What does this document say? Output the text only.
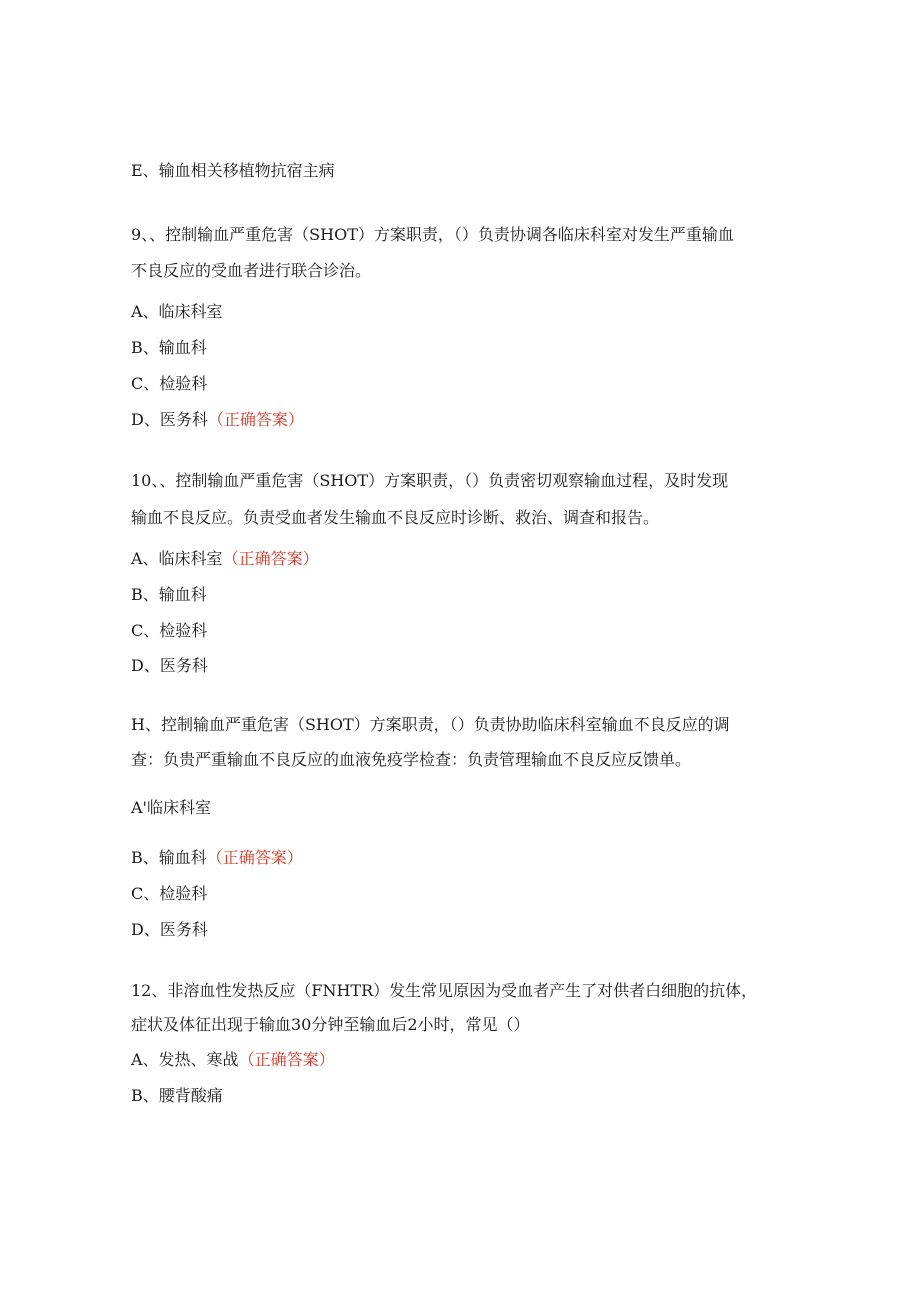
E、输血相关移植物抗宿主病
9、、控制输血严重危害（SHOT）方案职责，（）负责协调各临床科室对发生严重输血
不良反应的受血者进行联合诊治。
A、临床科室
B、输血科
C、检验科
D、医务科（正确答案）
10、、控制输血严重危害（SHOT）方案职责，（）负责密切观察输血过程，及时发现
输血不良反应。负责受血者发生输血不良反应时诊断、救治、调查和报告。
A、临床科室（正确答案）
B、输血科
C、检验科
D、医务科
H、控制输血严重危害（SHOT）方案职责，（）负责协助临床科室输血不良反应的调
查：负贵严重输血不良反应的血液免疫学检查：负责管理输血不良反应反馈单。
A'临床科室
B、输血科（正确答案）
C、检验科
D、医务科
12、非溶血性发热反应（FNHTR）发生常见原因为受血者产生了对供者白细胞的抗体，
症状及体征出现于输血30分钟至输血后2小时，常见（）
A、发热、寒战（正确答案）
B、腰背酸痛
